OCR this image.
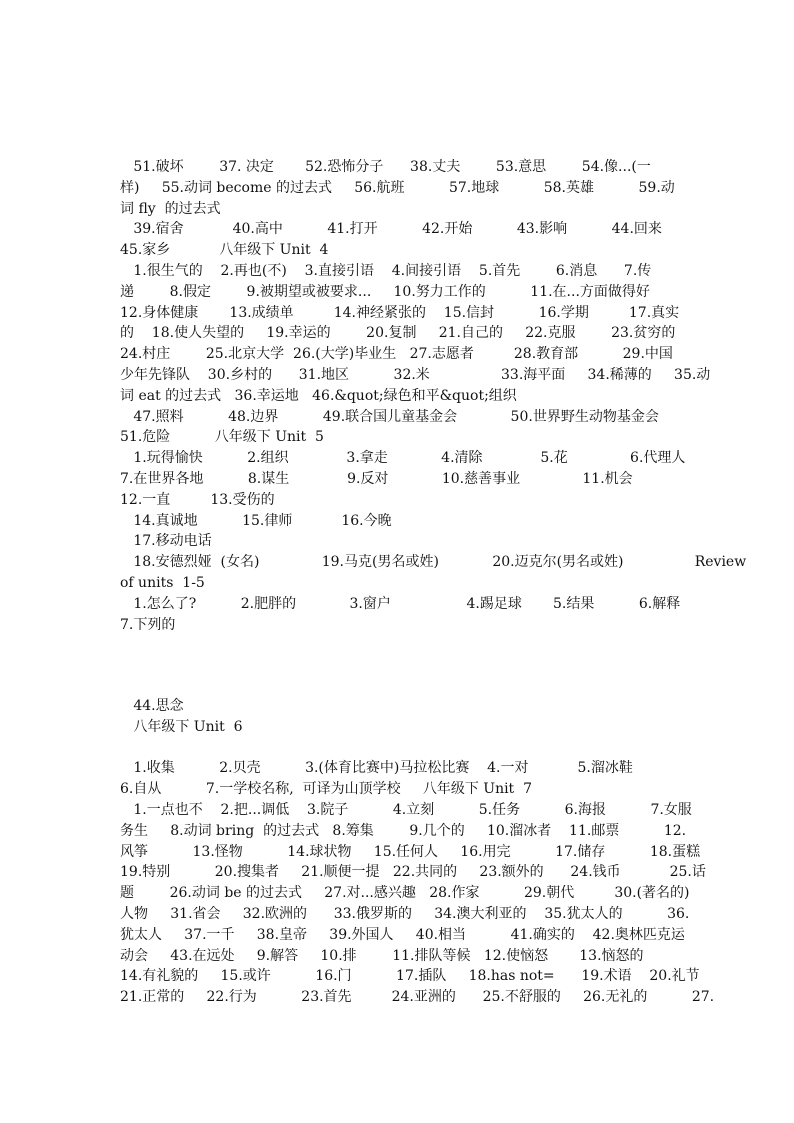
51.破坏        37. 决定       52.恐怖分子      38.丈夫        53.意思        54.像...(一
样)     55.动词 become 的过去式     56.航班          57.地球          58.英雄          59.动
词 fly  的过去式
39.宿舍           40.高中          41.打开          42.开始          43.影响          44.回来
45.家乡           八年级下 Unit  4
1.很生气的    2.再也(不)    3.直接引语    4.间接引语    5.首先        6.消息      7.传
递        8.假定        9.被期望或被要求...     10.努力工作的          11.在...方面做得好
12.身体健康       13.成绩单         14.神经紧张的    15.信封          16.学期         17.真实
的    18.使人失望的     19.幸运的        20.复制     21.自己的     22.克服        23.贫穷的
24.村庄        25.北京大学  26.(大学)毕业生   27.志愿者         28.教育部          29.中国
少年先锋队    30.乡村的      31.地区          32.米                33.海平面     34.稀薄的     35.动
词 eat 的过去式   36.幸运地   46.&quot;绿色和平&quot;组织
47.照料          48.边界          49.联合国儿童基金会            50.世界野生动物基金会
51.危险          八年级下 Unit  5
1.玩得愉快          2.组织             3.拿走            4.清除             5.花              6.代理人
7.在世界各地          8.谋生             9.反对            10.慈善事业              11.机会
12.一直         13.受伤的
14.真诚地          15.律师           16.今晚
17.移动电话
18.安德烈娅  (女名)              19.马克(男名或姓)            20.迈克尔(男名或姓)                Review
of units  1-5
1.怎么了?          2.肥胖的            3.窗户                 4.踢足球       5.结果          6.解释
7.下列的
44.思念
八年级下 Unit  6
1.收集          2.贝壳          3.(体育比赛中)马拉松比赛    4.一对           5.溜冰鞋
6.自从          7.一学校名称,  可译为山顶学校     八年级下 Unit  7
1.一点也不    2.把...调低    3.院子          4.立刻          5.任务          6.海报          7.女服
务生     8.动词 bring  的过去式   8.筹集        9.几个的     10.溜冰者    11.邮票          12.
风筝          13.怪物          14.球状物     15.任何人     16.用完          17.储存          18.蛋糕
19.特别          20.搜集者     21.顺便一提   22.共同的     23.额外的      24.钱币           25.话
题        26.动词 be 的过去式     27.对...感兴趣   28.作家          29.朝代         30.(著名的)
人物     31.省会     32.欧洲的      33.俄罗斯的     34.澳大利亚的    35.犹太人的          36.
犹太人     37.一千     38.皇帝     39.外国人     40.相当          41.确实的    42.奥林匹克运
动会     43.在远处     9.解答     10.排        11.排队等候   12.使恼怒       13.恼怒的
14.有礼貌的     15.或许          16.门          17.插队     18.has not=      19.术语    20.礼节
21.正常的     22.行为          23.首先         24.亚洲的      25.不舒服的     26.无礼的          27.
